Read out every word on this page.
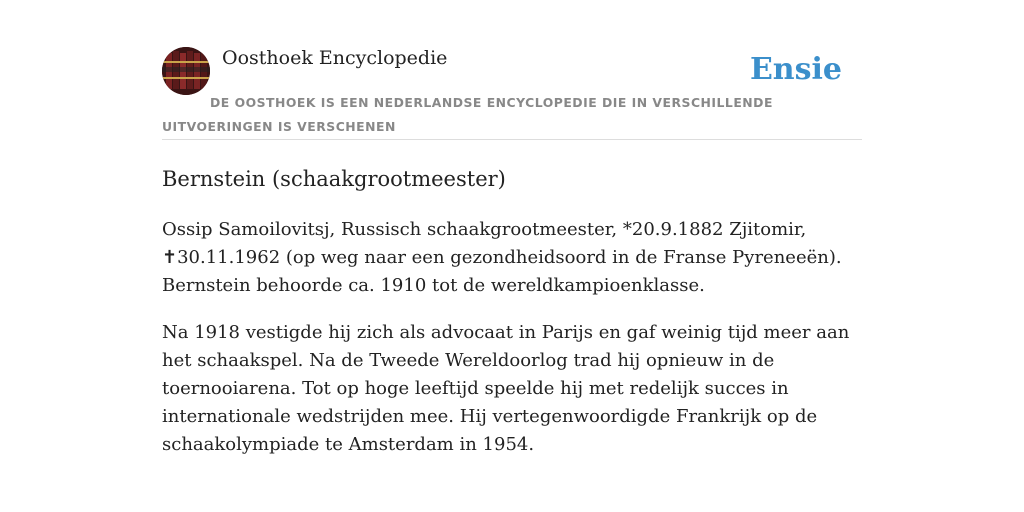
Oosthoek Encyclopedie	Ensie
DE OOSTHOEK IS EEN NEDERLANDSE ENCYCLOPEDIE DIE IN VERSCHILLENDE UITVOERINGEN IS VERSCHENEN
Bernstein (schaakgrootmeester)

Ossip Samoilovitsj, Russisch schaakgrootmeester, *20.9.1882 Zjitomir, ✝30.11.1962 (op weg naar een gezondheidsoord in de Franse Pyreneeën). Bernstein behoorde ca. 1910 tot de wereldkampioenklasse.

Na 1918 vestigde hij zich als advocaat in Parijs en gaf weinig tijd meer aan het schaakspel. Na de Tweede Wereldoorlog trad hij opnieuw in de toernooiarena. Tot op hoge leeftijd speelde hij met redelijk succes in internationale wedstrijden mee. Hij vertegenwoordigde Frankrijk op de schaakolympiade te Amsterdam in 1954.
